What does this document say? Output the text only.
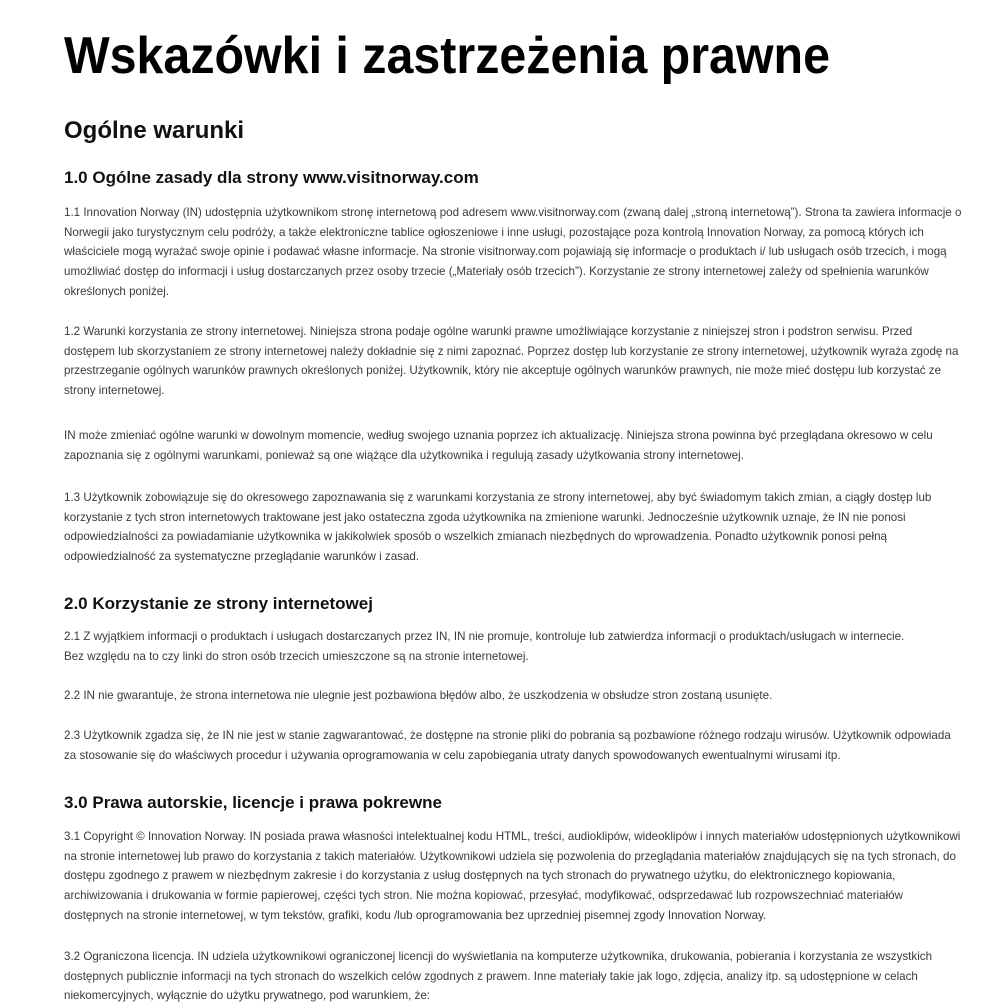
Wskazówki i zastrzeżenia prawne
Ogólne warunki
1.0 Ogólne zasady dla strony www.visitnorway.com

1.1 Innovation Norway (IN) udostępnia użytkownikom stronę internetową pod adresem www.visitnorway.com (zwaną dalej „stroną internetową”). Strona ta zawiera informacje o Norwegii jako turystycznym celu podróży, a także elektroniczne tablice ogłoszeniowe i inne usługi, pozostające poza kontrolą Innovation Norway, za pomocą których ich właściciele mogą wyrażać swoje opinie i podawać własne informacje. Na stronie visitnorway.com pojawiają się informacje o produktach i/ lub usługach osób trzecich, i mogą umożliwiać dostęp do informacji i usług dostarczanych przez osoby trzecie („Materiały osób trzecich”). Korzystanie ze strony internetowej zależy od spełnienia warunków określonych poniżej.

1.2 Warunki korzystania ze strony internetowej. Niniejsza strona podaje ogólne warunki prawne umożliwiające korzystanie z niniejszej stron i podstron serwisu. Przed dostępem lub skorzystaniem ze strony internetowej należy dokładnie się z nimi zapoznać. Poprzez dostęp lub korzystanie ze strony internetowej, użytkownik wyraża zgodę na przestrzeganie ogólnych warunków prawnych określonych poniżej. Użytkownik, który nie akceptuje ogólnych warunków prawnych, nie może mieć dostępu lub korzystać ze strony internetowej.

IN może zmieniać ogólne warunki w dowolnym momencie, według swojego uznania poprzez ich aktualizację. Niniejsza strona powinna być przeglądana okresowo w celu zapoznania się z ogólnymi warunkami, ponieważ są one wiążące dla użytkownika i regulują zasady użytkowania strony internetowej.

1.3 Użytkownik zobowiązuje się do okresowego zapoznawania się z warunkami korzystania ze strony internetowej, aby być świadomym takich zmian, a ciągły dostęp lub korzystanie z tych stron internetowych traktowane jest jako ostateczna zgoda użytkownika na zmienione warunki. Jednocześnie użytkownik uznaje, że IN nie ponosi odpowiedzialności za powiadamianie użytkownika w jakikolwiek sposób o wszelkich zmianach niezbędnych do wprowadzenia. Ponadto użytkownik ponosi pełną odpowiedzialność za systematyczne przeglądanie warunków i zasad.

2.0 Korzystanie ze strony internetowej

2.1 Z wyjątkiem informacji o produktach i usługach dostarczanych przez IN, IN nie promuje, kontroluje lub zatwierdza informacji o produktach/usługach w internecie.
Bez względu na to czy linki do stron osób trzecich umieszczone są na stronie internetowej.

2.2 IN nie gwarantuje, że strona internetowa nie ulegnie jest pozbawiona błędów albo, że uszkodzenia w obsłudze stron zostaną usunięte.

2.3 Użytkownik zgadza się, że IN nie jest w stanie zagwarantować, że dostępne na stronie pliki do pobrania są pozbawione różnego rodzaju wirusów. Użytkownik odpowiada za stosowanie się do właściwych procedur i używania oprogramowania w celu zapobiegania utraty danych spowodowanych ewentualnymi wirusami itp.

3.0 Prawa autorskie, licencje i prawa pokrewne

3.1 Copyright © Innovation Norway. IN posiada prawa własności intelektualnej kodu HTML, treści, audioklipów, wideoklipów i innych materiałów udostępnionych użytkownikowi na stronie internetowej lub prawo do korzystania z takich materiałów. Użytkownikowi udziela się pozwolenia do przeglądania materiałów znajdujących się na tych stronach, do dostępu zgodnego z prawem w niezbędnym zakresie i do korzystania z usług dostępnych na tych stronach do prywatnego użytku, do elektronicznego kopiowania, archiwizowania i drukowania w formie papierowej, części tych stron. Nie można kopiować, przesyłać, modyfikować, odsprzedawać lub rozpowszechniać materiałów dostępnych na stronie internetowej, w tym tekstów, grafiki, kodu /lub oprogramowania bez uprzedniej pisemnej zgody Innovation Norway.

3.2 Ograniczona licencja. IN udziela użytkownikowi ograniczonej licencji do wyświetlania na komputerze użytkownika, drukowania, pobierania i korzystania ze wszystkich dostępnych publicznie informacji na tych stronach do wszelkich celów zgodnych z prawem. Inne materiały takie jak logo, zdjęcia, analizy itp. są udostępnione w celach niekomercyjnych, wyłącznie do użytku prywatnego, pod warunkiem, że:
